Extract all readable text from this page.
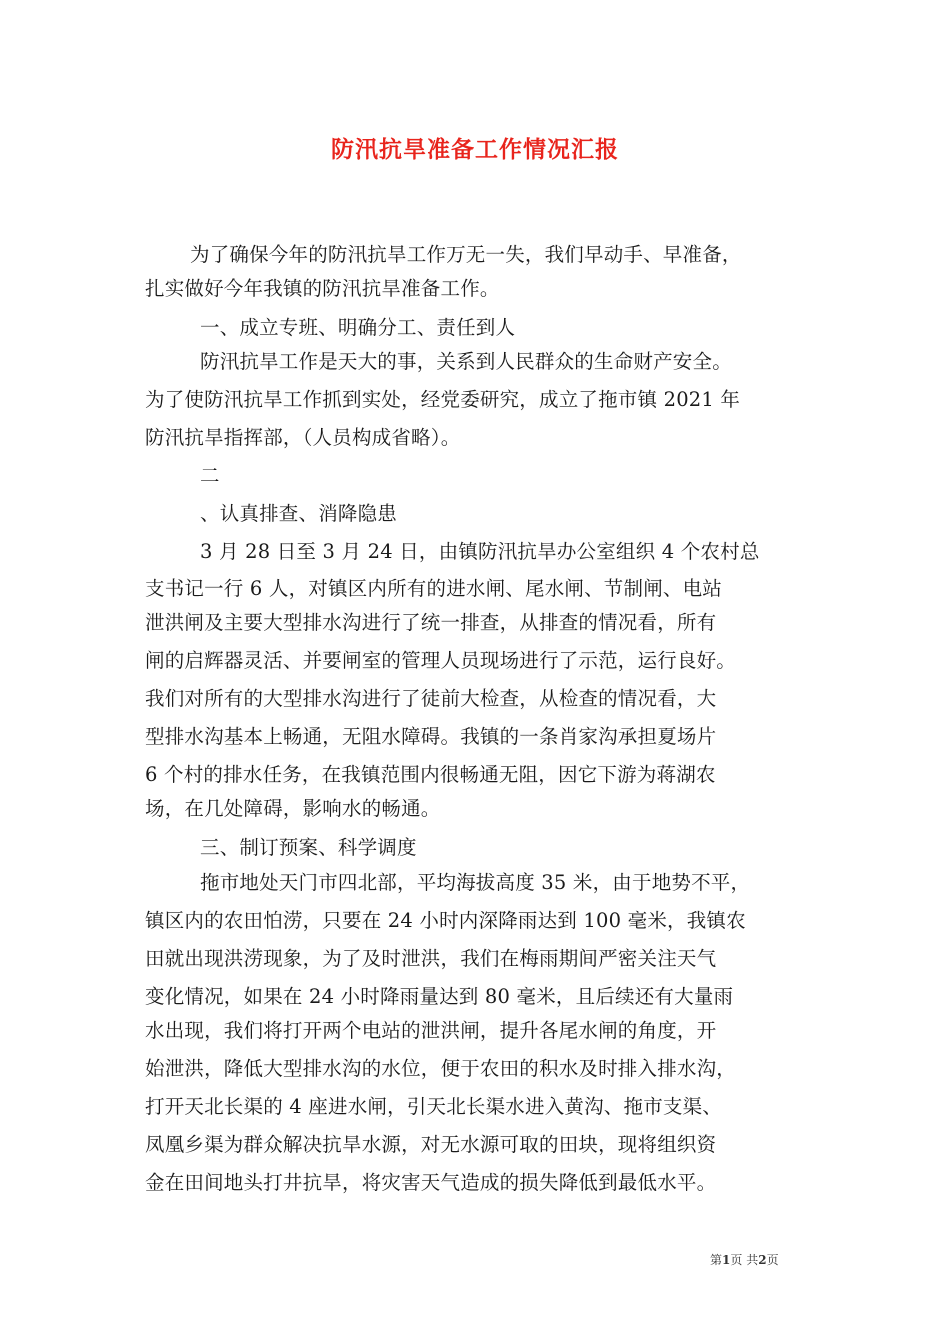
防汛抗旱准备工作情况汇报
为了确保今年的防汛抗旱工作万无一失，我们早动手、早准备，
扎实做好今年我镇的防汛抗旱准备工作。
一、成立专班、明确分工、责任到人
防汛抗旱工作是天大的事，关系到人民群众的生命财产安全。
为了使防汛抗旱工作抓到实处，经党委研究，成立了拖市镇 2021 年
防汛抗旱指挥部，（人员构成省略）。
二
、认真排查、消降隐患
3 月 28 日至 3 月 24 日，由镇防汛抗旱办公室组织 4 个农村总
支书记一行 6 人，对镇区内所有的进水闸、尾水闸、节制闸、电站
泄洪闸及主要大型排水沟进行了统一排查，从排查的情况看，所有
闸的启辉器灵活、并要闸室的管理人员现场进行了示范，运行良好。
我们对所有的大型排水沟进行了徒前大检查，从检查的情况看，大
型排水沟基本上畅通，无阻水障碍。我镇的一条肖家沟承担夏场片
6 个村的排水任务，在我镇范围内很畅通无阻，因它下游为蒋湖农
场，在几处障碍，影响水的畅通。
三、制订预案、科学调度
拖市地处天门市四北部，平均海拔高度 35 米，由于地势不平，
镇区内的农田怕涝，只要在 24 小时内深降雨达到 100 毫米，我镇农
田就出现洪涝现象，为了及时泄洪，我们在梅雨期间严密关注天气
变化情况，如果在 24 小时降雨量达到 80 毫米，且后续还有大量雨
水出现，我们将打开两个电站的泄洪闸，提升各尾水闸的角度，开
始泄洪，降低大型排水沟的水位，便于农田的积水及时排入排水沟，
打开天北长渠的 4 座进水闸，引天北长渠水进入黄沟、拖市支渠、
凤凰乡渠为群众解决抗旱水源，对无水源可取的田块，现将组织资
金在田间地头打井抗旱，将灾害天气造成的损失降低到最低水平。
第1页 共2页
